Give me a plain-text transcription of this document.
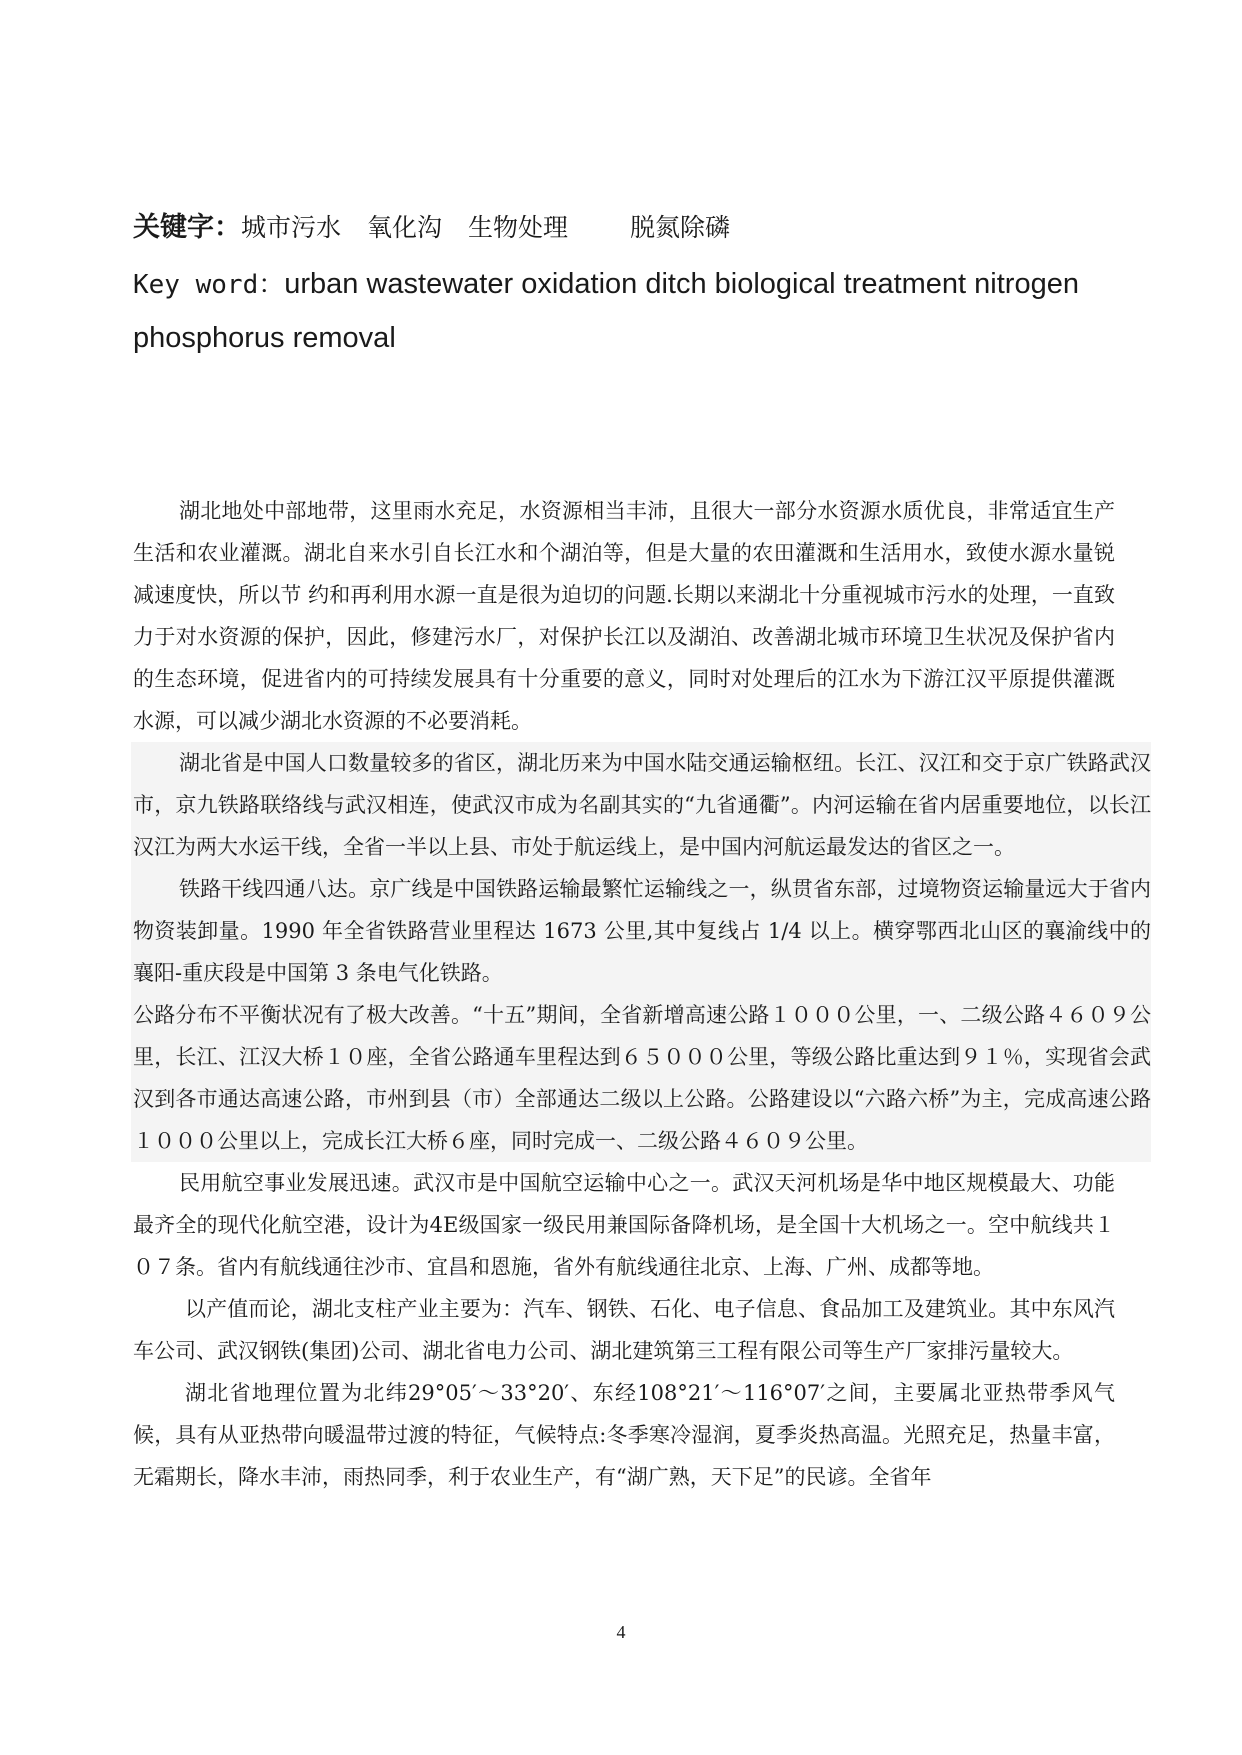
关键字：城市污水 氧化沟 生物处理 脱氮除磷
Key word：urban wastewater oxidation ditch biological treatment nitrogen phosphorus removal

湖北地处中部地带，这里雨水充足，水资源相当丰沛，且很大一部分水资源水质优良，非常适宜生产生活和农业灌溉。湖北自来水引自长江水和个湖泊等，但是大量的农田灌溉和生活用水，致使水源水量锐减速度快，所以节 约和再利用水源一直是很为迫切的问题.长期以来湖北十分重视城市污水的处理，一直致力于对水资源的保护，因此，修建污水厂，对保护长江以及湖泊、改善湖北城市环境卫生状况及保护省内的生态环境，促进省内的可持续发展具有十分重要的意义，同时对处理后的江水为下游江汉平原提供灌溉水源，可以减少湖北水资源的不必要消耗。

湖北省是中国人口数量较多的省区，湖北历来为中国水陆交通运输枢纽。长江、汉江和交于京广铁路武汉市，京九铁路联络线与武汉相连，使武汉市成为名副其实的“九省通衢”。内河运输在省内居重要地位，以长江汉江为两大水运干线，全省一半以上县、市处于航运线上，是中国内河航运最发达的省区之一。

铁路干线四通八达。京广线是中国铁路运输最繁忙运输线之一，纵贯省东部，过境物资运输量远大于省内物资装卸量。1990 年全省铁路营业里程达 1673 公里,其中复线占 1/4 以上。横穿鄂西北山区的襄渝线中的襄阳-重庆段是中国第 3 条电气化铁路。

公路分布不平衡状况有了极大改善。“十五”期间，全省新增高速公路１０００公里，一、二级公路４６０９公里，长江、江汉大桥１０座，全省公路通车里程达到６５０００公里，等级公路比重达到９１％，实现省会武汉到各市通达高速公路，市州到县（市）全部通达二级以上公路。公路建设以“六路六桥”为主，完成高速公路１０００公里以上，完成长江大桥６座，同时完成一、二级公路４６０９公里。

民用航空事业发展迅速。武汉市是中国航空运输中心之一。武汉天河机场是华中地区规模最大、功能最齐全的现代化航空港，设计为4E级国家一级民用兼国际备降机场，是全国十大机场之一。空中航线共１０７条。省内有航线通往沙市、宜昌和恩施，省外有航线通往北京、上海、广州、成都等地。

以产值而论，湖北支柱产业主要为：汽车、钢铁、石化、电子信息、食品加工及建筑业。其中东风汽车公司、武汉钢铁(集团)公司、湖北省电力公司、湖北建筑第三工程有限公司等生产厂家排污量较大。

湖北省地理位置为北纬29°05′～33°20′、东经108°21′～116°07′之间，主要属北亚热带季风气候，具有从亚热带向暖温带过渡的特征，气候特点:冬季寒冷湿润，夏季炎热高温。光照充足，热量丰富，无霜期长，降水丰沛，雨热同季，利于农业生产，有“湖广熟，天下足”的民谚。全省年

4
